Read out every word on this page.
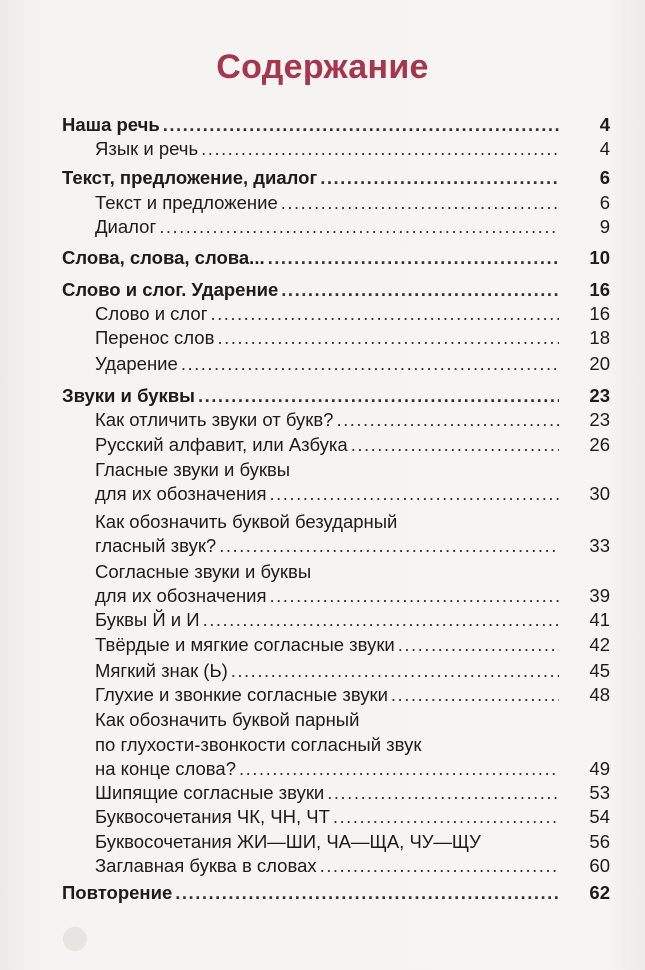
Содержание
Наша речь .....	4
Язык и речь .....	4
Текст, предложение, диалог .....	6
Текст и предложение .....	6
Диалог .....	9
Слова, слова, слова... .....	10
Слово и слог. Ударение .....	16
Слово и слог .....	16
Перенос слов .....	18
Ударение .....	20
Звуки и буквы .....	23
Как отличить звуки от букв? .....	23
Русский алфавит, или Азбука .....	26
Гласные звуки и буквы
для их обозначения .....	30
Как обозначить буквой безударный
гласный звук? .....	33
Согласные звуки и буквы
для их обозначения .....	39
Буквы Й и И .....	41
Твёрдые и мягкие согласные звуки .....	42
Мягкий знак (Ь) .....	45
Глухие и звонкие согласные звуки .....	48
Как обозначить буквой парный
по глухости-звонкости согласный звук
на конце слова? .....	49
Шипящие согласные звуки .....	53
Буквосочетания ЧК, ЧН, ЧТ .....	54
Буквосочетания ЖИ—ШИ, ЧА—ЩА, ЧУ—ЩУ	56
Заглавная буква в словах .....	60
Повторение .....	62
